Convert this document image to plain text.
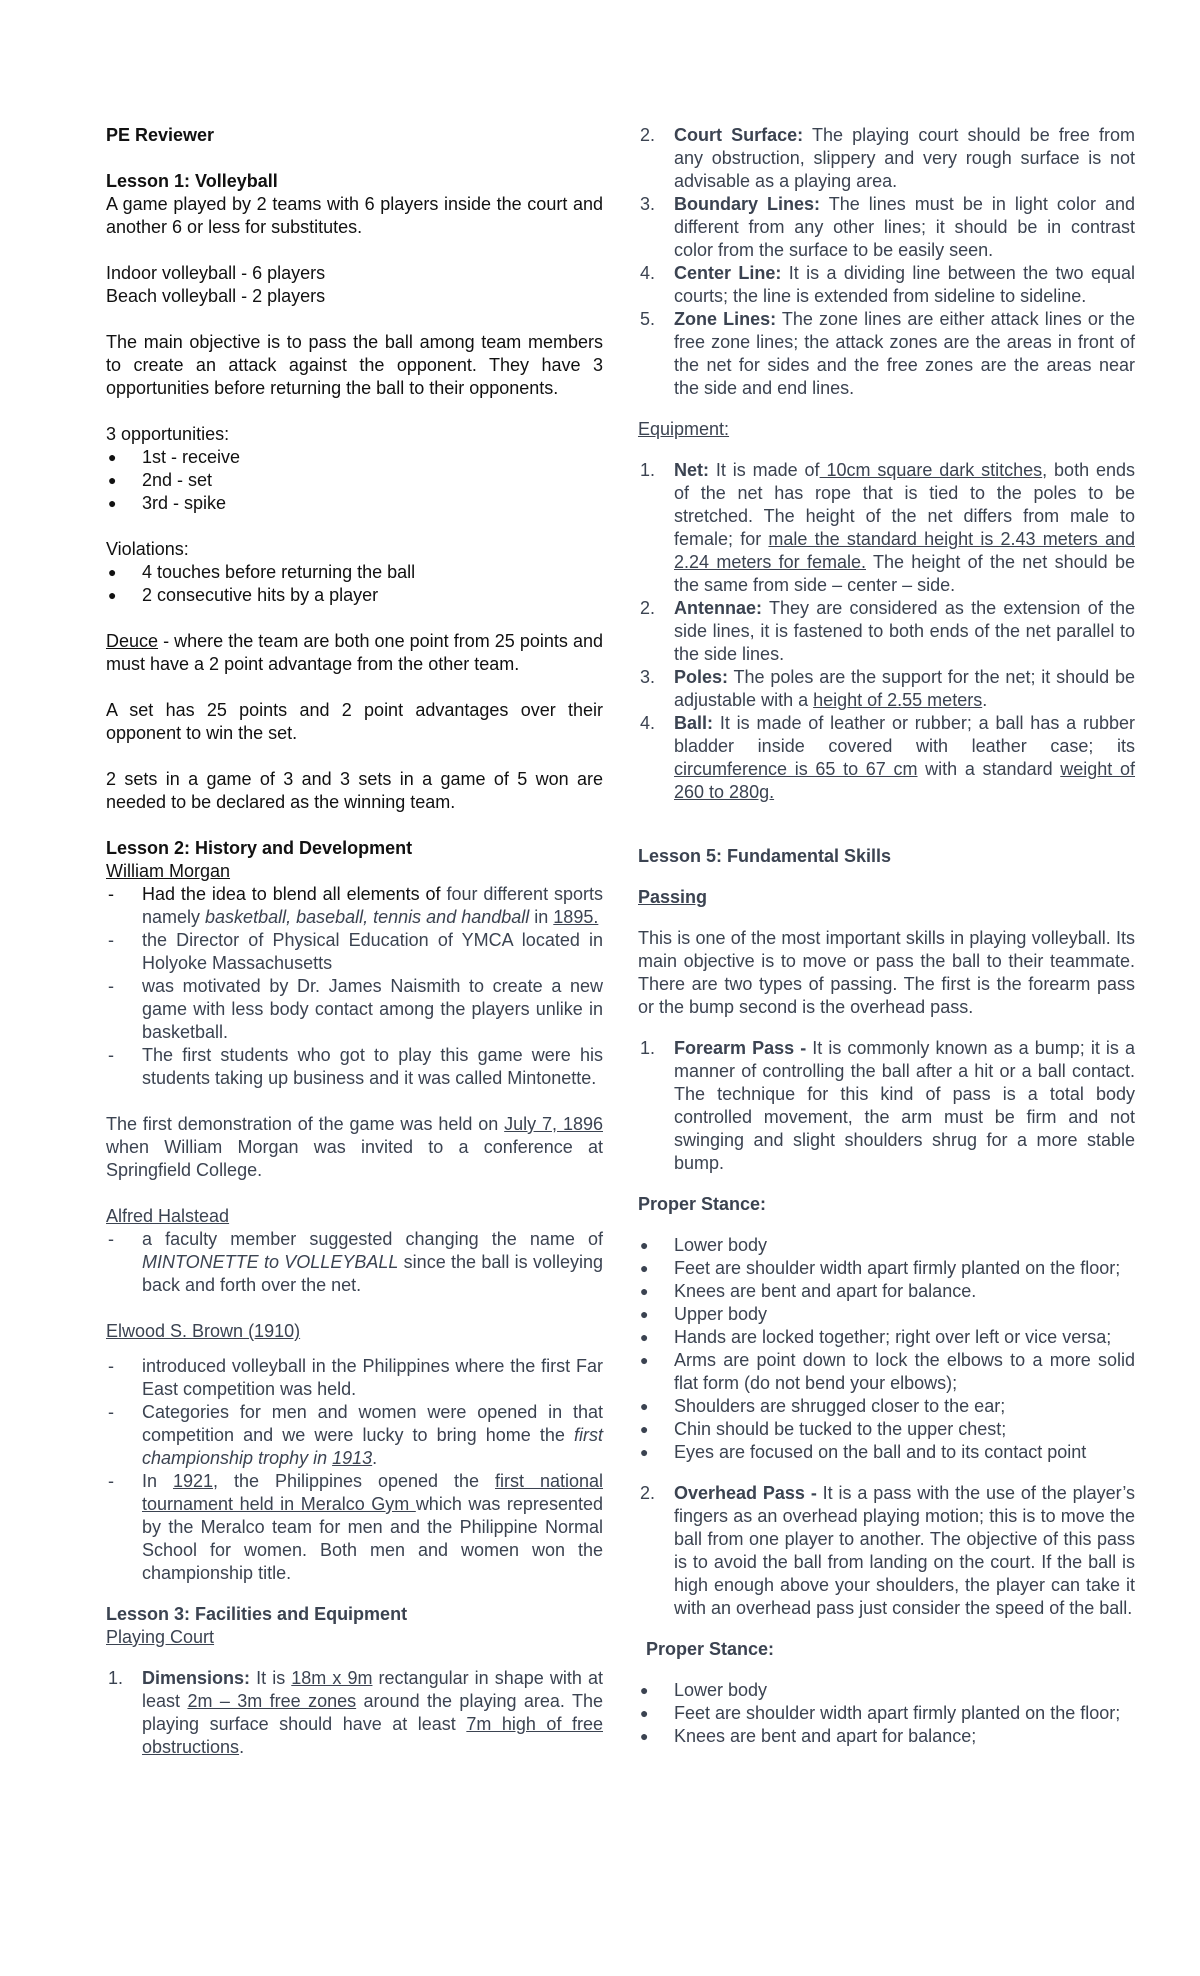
PE Reviewer

Lesson 1: Volleyball

A game played by 2 teams with 6 players inside the court and another 6 or less for substitutes.

Indoor volleyball - 6 players

Beach volleyball - 2 players

The main objective is to pass the ball among team members to create an attack against the opponent. They have 3 opportunities before returning the ball to their opponents.

3 opportunities:

● 1st - receive
● 2nd - set
● 3rd - spike

Violations:

● 4 touches before returning the ball
● 2 consecutive hits by a player

Deuce - where the team are both one point from 25 points and must have a 2 point advantage from the other team.

A set has 25 points and 2 point advantages over their opponent to win the set.

2 sets in a game of 3 and 3 sets in a game of 5 won are needed to be declared as the winning team.

Lesson 2: History and Development

William Morgan

- Had the idea to blend all elements of four different sports namely basketball, baseball, tennis and handball in 1895.
- the Director of Physical Education of YMCA located in Holyoke Massachusetts
- was motivated by Dr. James Naismith to create a new game with less body contact among the players unlike in basketball.
- The first students who got to play this game were his students taking up business and it was called Mintonette.

The first demonstration of the game was held on July 7, 1896 when William Morgan was invited to a conference at Springfield College.

Alfred Halstead

- a faculty member suggested changing the name of MINTONETTE to VOLLEYBALL since the ball is volleying back and forth over the net.

Elwood S. Brown (1910)

- introduced volleyball in the Philippines where the first Far East competition was held.
- Categories for men and women were opened in that competition and we were lucky to bring home the first championship trophy in 1913.
- In 1921, the Philippines opened the first national tournament held in Meralco Gym which was represented by the Meralco team for men and the Philippine Normal School for women. Both men and women won the championship title.

Lesson 3: Facilities and Equipment

Playing Court

1. Dimensions: It is 18m x 9m rectangular in shape with at least 2m – 3m free zones around the playing area. The playing surface should have at least 7m high of free obstructions.
2. Court Surface: The playing court should be free from any obstruction, slippery and very rough surface is not advisable as a playing area.
3. Boundary Lines: The lines must be in light color and different from any other lines; it should be in contrast color from the surface to be easily seen.
4. Center Line: It is a dividing line between the two equal courts; the line is extended from sideline to sideline.
5. Zone Lines: The zone lines are either attack lines or the free zone lines; the attack zones are the areas in front of the net for sides and the free zones are the areas near the side and end lines.

Equipment:

1. Net: It is made of 10cm square dark stitches, both ends of the net has rope that is tied to the poles to be stretched. The height of the net differs from male to female; for male the standard height is 2.43 meters and 2.24 meters for female. The height of the net should be the same from side – center – side.
2. Antennae: They are considered as the extension of the side lines, it is fastened to both ends of the net parallel to the side lines.
3. Poles: The poles are the support for the net; it should be adjustable with a height of 2.55 meters.
4. Ball: It is made of leather or rubber; a ball has a rubber bladder inside covered with leather case; its circumference is 65 to 67 cm with a standard weight of 260 to 280g.

Lesson 5: Fundamental Skills

Passing

This is one of the most important skills in playing volleyball. Its main objective is to move or pass the ball to their teammate. There are two types of passing. The first is the forearm pass or the bump second is the overhead pass.

1. Forearm Pass - It is commonly known as a bump; it is a manner of controlling the ball after a hit or a ball contact. The technique for this kind of pass is a total body controlled movement, the arm must be firm and not swinging and slight shoulders shrug for a more stable bump.

Proper Stance:

● Lower body
● Feet are shoulder width apart firmly planted on the floor;
● Knees are bent and apart for balance.
● Upper body
● Hands are locked together; right over left or vice versa;
● Arms are point down to lock the elbows to a more solid flat form (do not bend your elbows);
● Shoulders are shrugged closer to the ear;
● Chin should be tucked to the upper chest;
● Eyes are focused on the ball and to its contact point
2. Overhead Pass - It is a pass with the use of the player’s fingers as an overhead playing motion; this is to move the ball from one player to another. The objective of this pass is to avoid the ball from landing on the court. If the ball is high enough above your shoulders, the player can take it with an overhead pass just consider the speed of the ball.

Proper Stance:

● Lower body
● Feet are shoulder width apart firmly planted on the floor;
● Knees are bent and apart for balance;
